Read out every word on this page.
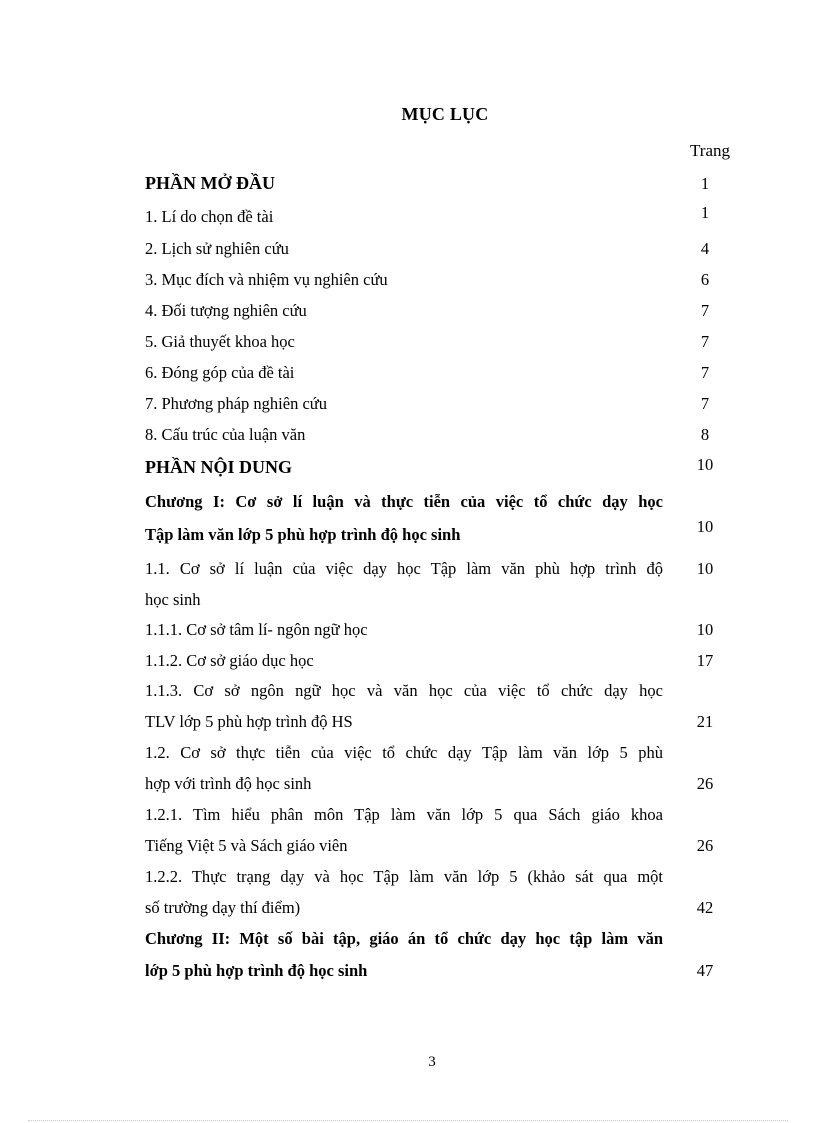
MỤC LỤC
Trang
PHẦN MỞ ĐẦU	1
1. Lí do chọn đề tài	1
2. Lịch sử nghiên cứu	4
3. Mục đích và nhiệm vụ nghiên cứu	6
4. Đối tượng nghiên cứu	7
5. Giả thuyết khoa học	7
6. Đóng góp của đề tài	7
7. Phương pháp nghiên cứu	7
8. Cấu trúc của luận văn	8
PHẦN NỘI DUNG	10
Chương I: Cơ sở lí luận và thực tiễn của việc tổ chức dạy học
Tập làm văn lớp 5 phù hợp trình độ học sinh	10
1.1. Cơ sở lí luận của việc dạy học Tập làm văn phù hợp trình độ	10
học sinh
1.1.1. Cơ sở tâm lí- ngôn ngữ học	10
1.1.2. Cơ sở giáo dục học	17
1.1.3. Cơ sở ngôn ngữ học và văn học của việc tổ chức dạy học
TLV lớp 5 phù hợp trình độ HS	21
1.2. Cơ sở thực tiễn của việc tổ chức dạy Tập làm văn lớp 5 phù
hợp với trình độ học sinh	26
1.2.1. Tìm hiểu phân môn Tập làm văn lớp 5 qua Sách giáo khoa
Tiếng Việt 5 và Sách giáo viên	26
1.2.2. Thực trạng dạy và học Tập làm văn lớp 5 (khảo sát qua một
số trường dạy thí điểm)	42
Chương II: Một số bài tập, giáo án tổ chức dạy học tập làm văn
lớp 5 phù hợp trình độ học sinh	47
3
